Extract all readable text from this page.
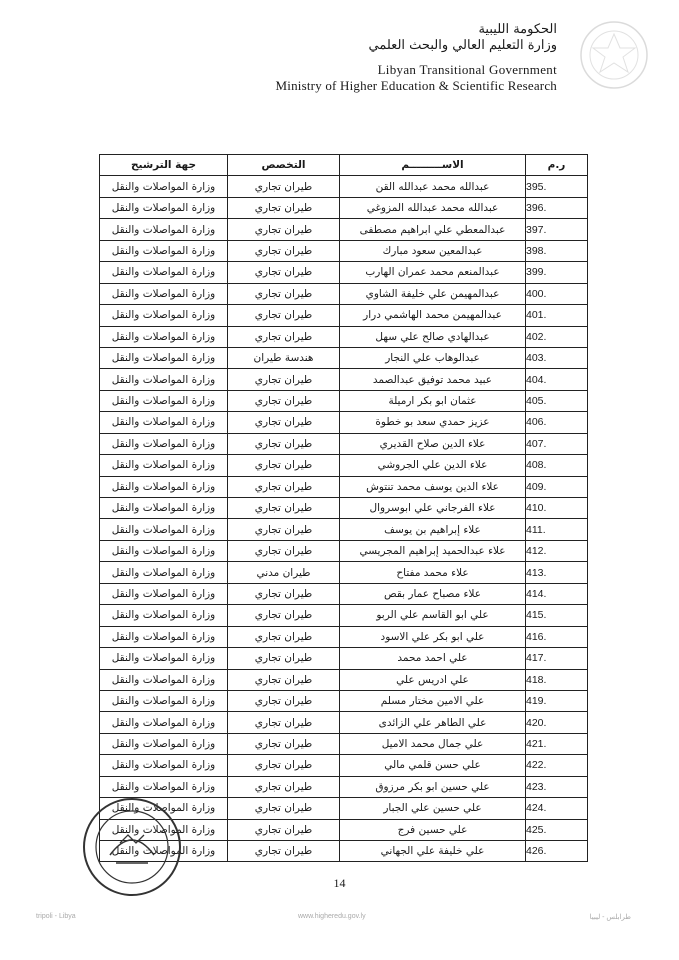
الحكومة الليبية
وزارة التعليم العالي والبحث العلمي
Libyan Transitional Government
Ministry of Higher Education & Scientific Research
ر.م	الاســـــــــم	التخصص	جهة الترشيح
395.	عبدالله محمد عبدالله القن	طيران تجاري	وزارة المواصلات والنقل
396.	عبدالله محمد عبدالله المزوغي	طيران تجاري	وزارة المواصلات والنقل
397.	عبدالمعطي علي ابراهيم مصطفى	طيران تجاري	وزارة المواصلات والنقل
398.	عبدالمعين سعود مبارك	طيران تجاري	وزارة المواصلات والنقل
399.	عبدالمنعم محمد عمران الهارب	طيران تجاري	وزارة المواصلات والنقل
400.	عبدالمهيمن علي خليفة الشاوي	طيران تجاري	وزارة المواصلات والنقل
401.	عبدالمهيمن محمد الهاشمي درار	طيران تجاري	وزارة المواصلات والنقل
402.	عبدالهادي صالح علي سهل	طيران تجاري	وزارة المواصلات والنقل
403.	عبدالوهاب علي النجار	هندسة طيران	وزارة المواصلات والنقل
404.	عبيد محمد توفيق عبدالصمد	طيران تجاري	وزارة المواصلات والنقل
405.	عثمان ابو بكر ارميلة	طيران تجاري	وزارة المواصلات والنقل
406.	عزيز حمدي سعد بو خطوة	طيران تجاري	وزارة المواصلات والنقل
407.	علاء الدين صلاح القديري	طيران تجاري	وزارة المواصلات والنقل
408.	علاء الدين علي الجروشي	طيران تجاري	وزارة المواصلات والنقل
409.	علاء الدين يوسف محمد تنتوش	طيران تجاري	وزارة المواصلات والنقل
410.	علاء الفرجاني علي ابوسروال	طيران تجاري	وزارة المواصلات والنقل
411.	علاء إبراهيم بن يوسف	طيران تجاري	وزارة المواصلات والنقل
412.	علاء عبدالحميد إبراهيم المجريسي	طيران تجاري	وزارة المواصلات والنقل
413.	علاء محمد مفتاح	طيران مدني	وزارة المواصلات والنقل
414.	علاء مصباح عمار بقص	طيران تجاري	وزارة المواصلات والنقل
415.	علي ابو القاسم علي الربو	طيران تجاري	وزارة المواصلات والنقل
416.	علي ابو بكر علي الاسود	طيران تجاري	وزارة المواصلات والنقل
417.	علي احمد محمد	طيران تجاري	وزارة المواصلات والنقل
418.	علي ادريس علي	طيران تجاري	وزارة المواصلات والنقل
419.	علي الامين مختار مسلم	طيران تجاري	وزارة المواصلات والنقل
420.	علي الطاهر علي الزائدى	طيران تجاري	وزارة المواصلات والنقل
421.	علي جمال محمد الاميل	طيران تجاري	وزارة المواصلات والنقل
422.	علي حسن قلمي مالي	طيران تجاري	وزارة المواصلات والنقل
423.	علي حسين ابو بكر مرزوق	طيران تجاري	وزارة المواصلات والنقل
424.	علي حسين علي الجبار	طيران تجاري	وزارة المواصلات والنقل
425.	علي حسين فرج	طيران تجاري	وزارة المواصلات والنقل
426.	علي خليفة علي الجهاني	طيران تجاري	وزارة المواصلات والنقل
14
tripoli - Libya	www.higheredu.gov.ly	طرابلس - ليبيا
